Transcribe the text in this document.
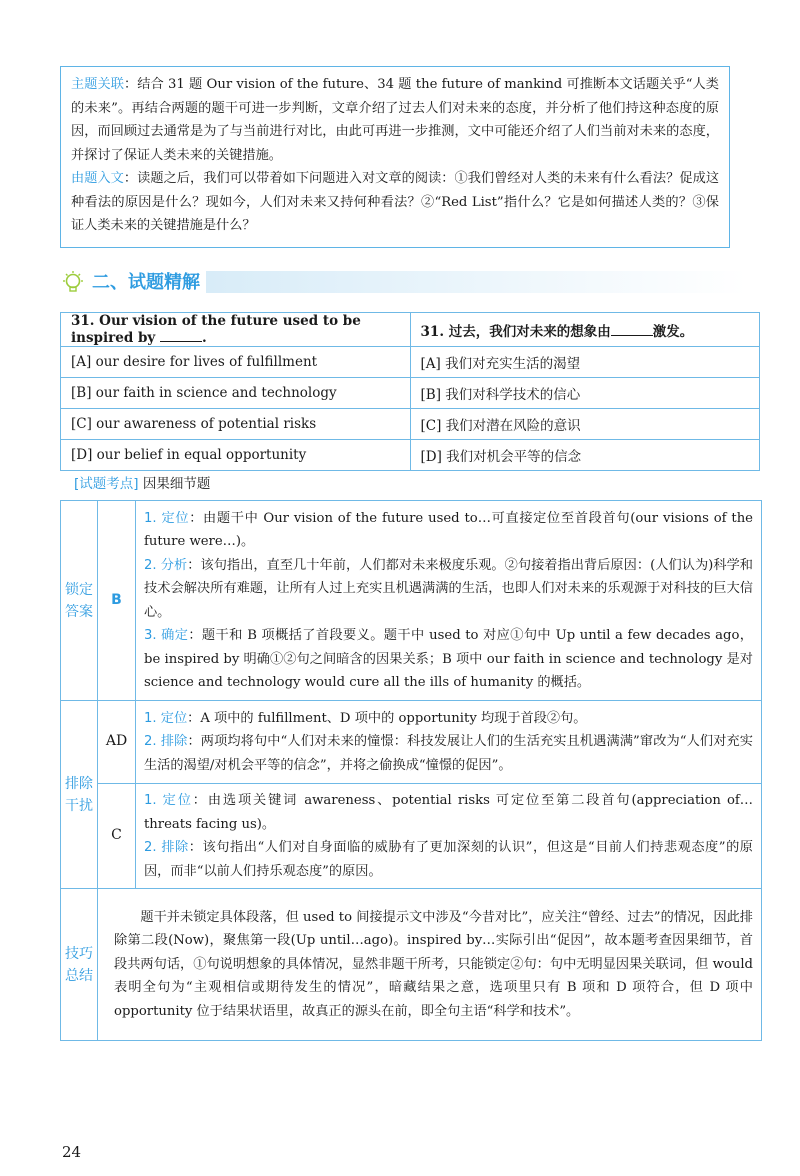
主题关联：结合 31 题 Our vision of the future、34 题 the future of mankind 可推断本文话题关乎“人类的未来”。再结合两题的题干可进一步判断，文章介绍了过去人们对未来的态度，并分析了他们持这种态度的原因，而回顾过去通常是为了与当前进行对比，由此可再进一步推测，文中可能还介绍了人们当前对未来的态度，并探讨了保证人类未来的关键措施。
由题入文：读题之后，我们可以带着如下问题进入对文章的阅读：①我们曾经对人类的未来有什么看法？促成这种看法的原因是什么？现如今，人们对未来又持何种看法？②“Red List”指什么？它是如何描述人类的？③保证人类未来的关键措施是什么？
二、试题精解
31. Our vision of the future used to be inspired by .	31. 过去，我们对未来的想象由 激发。
[A] our desire for lives of fulfillment	[A] 我们对充实生活的渴望
[B] our faith in science and technology	[B] 我们对科学技术的信心
[C] our awareness of potential risks	[C] 我们对潜在风险的意识
[D] our belief in equal opportunity	[D] 我们对机会平等的信念
[试题考点] 因果细节题
锁定答案	B	1. 定位：由题干中 Our vision of the future used to…可直接定位至首段首句(our visions of the future were…)。
2. 分析：该句指出，直至几十年前，人们都对未来极度乐观。②句接着指出背后原因：(人们认为)科学和技术会解决所有难题，让所有人过上充实且机遇满满的生活，也即人们对未来的乐观源于对科技的巨大信心。
3. 确定：题干和 B 项概括了首段要义。题干中 used to 对应①句中 Up until a few decades ago，be inspired by 明确①②句之间暗含的因果关系；B 项中 our faith in science and technology 是对 science and technology would cure all the ills of humanity 的概括。

排除干扰	AD	1. 定位：A 项中的 fulfillment、D 项中的 opportunity 均现于首段②句。
2. 排除：两项均将句中“人们对未来的憧憬：科技发展让人们的生活充实且机遇满满”窜改为“人们对充实生活的渴望/对机会平等的信念”，并将之偷换成“憧憬的促因”。

	C	1. 定位：由选项关键词 awareness、potential risks 可定位至第二段首句(appreciation of…threats facing us)。
2. 排除：该句指出“人们对自身面临的威胁有了更加深刻的认识”，但这是“目前人们持悲观态度”的原因，而非“以前人们持乐观态度”的原因。

技巧总结	题干并未锁定具体段落，但 used to 间接提示文中涉及“今昔对比”，应关注“曾经、过去”的情况，因此排除第二段(Now)，聚焦第一段(Up until…ago)。inspired by…实际引出“促因”，故本题考查因果细节，首段共两句话，①句说明想象的具体情况，显然非题干所考，只能锁定②句：句中无明显因果关联词，但 would 表明全句为“主观相信或期待发生的情况”，暗藏结果之意，选项里只有 B 项和 D 项符合，但 D 项中 opportunity 位于结果状语里，故真正的源头在前，即全句主语“科学和技术”。	
24
